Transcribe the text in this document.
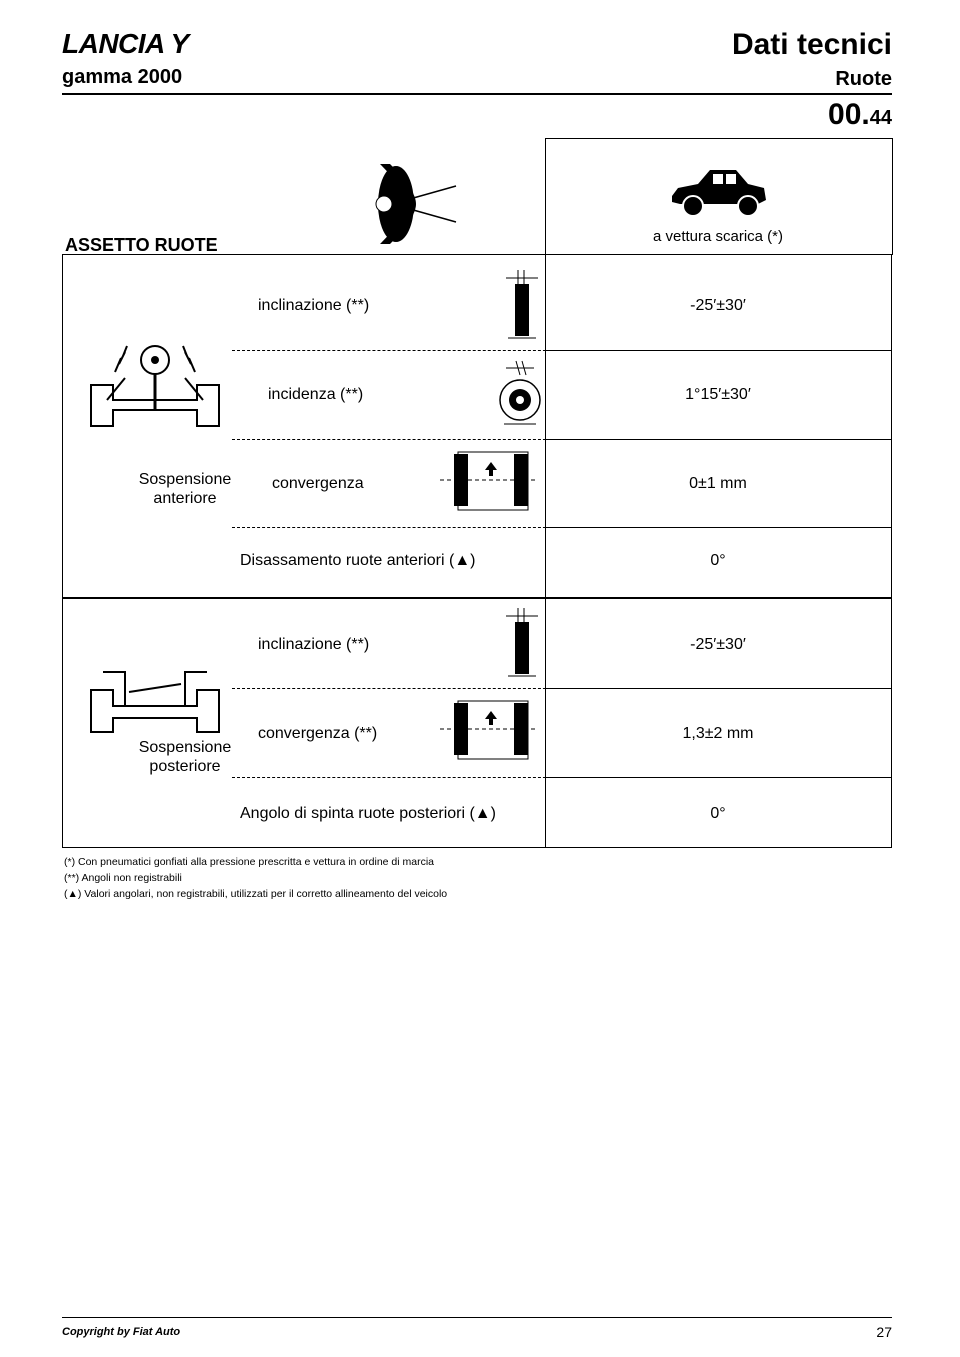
LANCIA Y
gamma 2000
Dati tecnici
Ruote
00.44
ASSETTO RUOTE	a vettura scarica (*)
Sospensione
anteriore
inclinazione (**)	-25′±30′
incidenza (**)	1°15′±30′
convergenza	0±1 mm
Disassamento ruote anteriori (▲)	0°
Sospensione
posteriore
inclinazione (**)	-25′±30′
convergenza (**)	1,3±2 mm
Angolo di spinta ruote posteriori (▲)	0°
(*) Con pneumatici gonfiati alla pressione prescritta e vettura in ordine di marcia
(**) Angoli non registrabili
(▲) Valori angolari, non registrabili, utilizzati per il corretto allineamento del veicolo
Copyright by Fiat Auto	27
